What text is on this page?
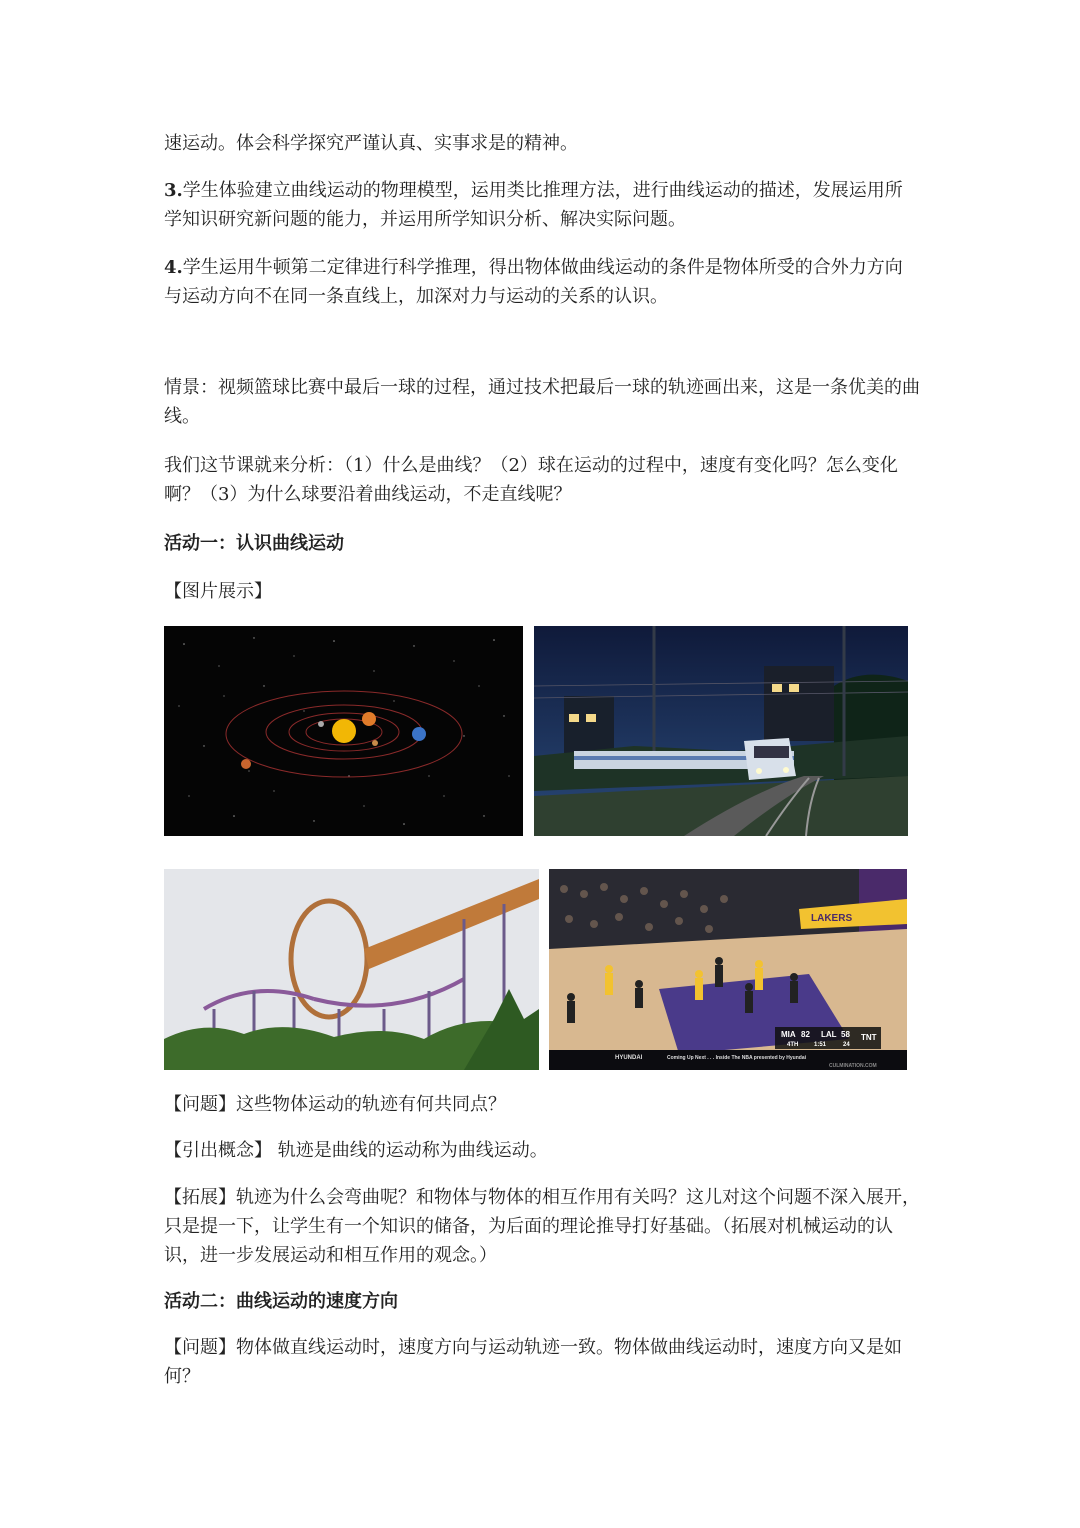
速运动。体会科学探究严谨认真、实事求是的精神。

3.学生体验建立曲线运动的物理模型，运用类比推理方法，进行曲线运动的描述，发展运用所学知识研究新问题的能力，并运用所学知识分析、解决实际问题。

4.学生运用牛顿第二定律进行科学推理，得出物体做曲线运动的条件是物体所受的合外力方向与运动方向不在同一条直线上，加深对力与运动的关系的认识。

情景：视频篮球比赛中最后一球的过程，通过技术把最后一球的轨迹画出来，这是一条优美的曲线。

我们这节课就来分析：（1）什么是曲线？（2）球在运动的过程中，速度有变化吗？怎么变化啊？（3）为什么球要沿着曲线运动，不走直线呢？

活动一：认识曲线运动

【图片展示】

LAKERS
MIA 82 LAL 58 TNT
4TH	1:51	24
HYUNDAI	Coming Up Next . . . Inside The NBA presented by Hyundai
CULMINATION.COM

【问题】这些物体运动的轨迹有何共同点？

【引出概念】 轨迹是曲线的运动称为曲线运动。

【拓展】轨迹为什么会弯曲呢？和物体与物体的相互作用有关吗？这儿对这个问题不深入展开，只是提一下，让学生有一个知识的储备，为后面的理论推导打好基础。（拓展对机械运动的认识，进一步发展运动和相互作用的观念。）

活动二：曲线运动的速度方向

【问题】物体做直线运动时，速度方向与运动轨迹一致。物体做曲线运动时，速度方向又是如何？
